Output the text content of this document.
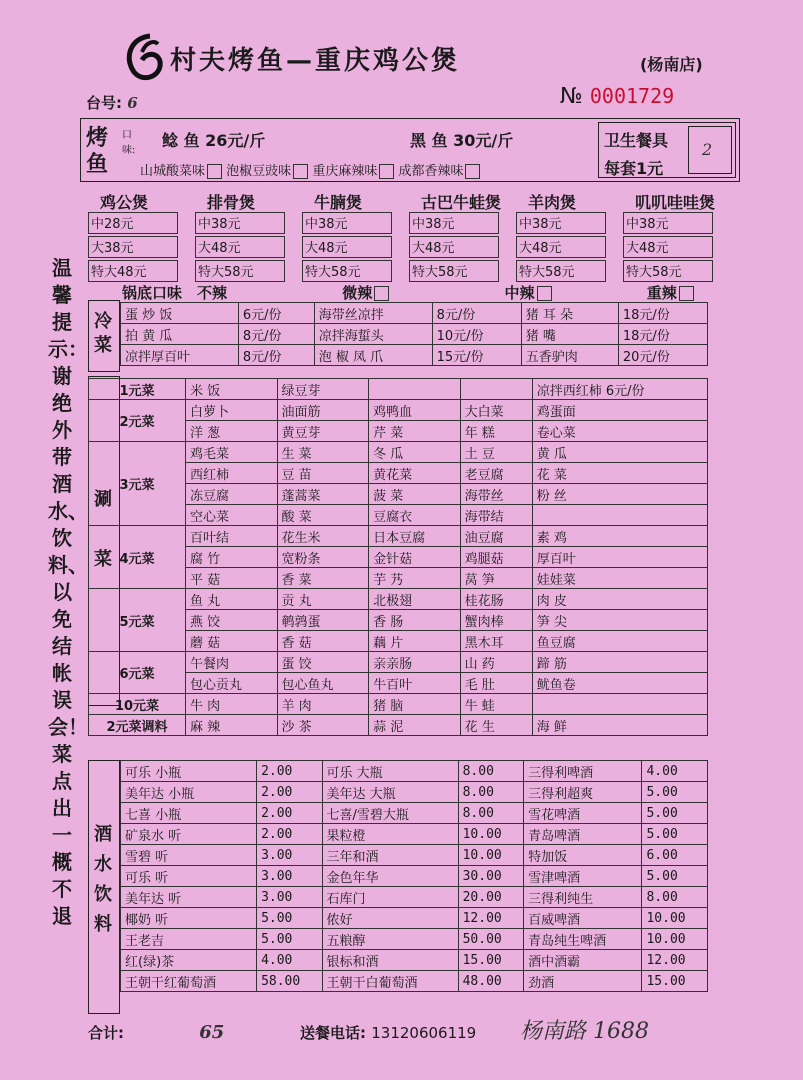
村夫烤鱼—重庆鸡公煲	(杨南店)
台号: 6	№ 0001729
烤鱼
口味:
鲶 鱼 26元/斤	黑 鱼 30元/斤
山城酸菜味 泡椒豆豉味 重庆麻辣味 成都香辣味
卫生餐具
每套1元
2
鸡公煲
中28元
大38元
特大48元
排骨煲
中38元
大48元
特大58元
牛腩煲
中38元
大48元
特大58元
古巴牛蛙煲
中38元
大48元
特大58元
羊肉煲
中38元
大48元
特大58元
叽叽哇哇煲
中38元
大48元
特大58元
锅底口味　 不辣	微辣	中辣	重辣
温馨提示：谢绝外带酒水、饮料、以免结帐误会！菜点出一概不退
冷菜
蛋 炒 饭	6元/份	海带丝凉拌	8元/份	猪 耳 朵	18元/份
拍 黄 瓜	8元/份	凉拌海蜇头	10元/份	猪 嘴	18元/份
凉拌厚百叶	8元/份	泡 椒 凤 爪	15元/份	五香驴肉	20元/份
涮菜
1元菜	米 饭	绿豆芽			凉拌西红柿 6元/份
2元菜	白萝卜	油面筋	鸡鸭血	大白菜	鸡蛋面
	洋 葱	黄豆芽	芹 菜	年 糕	卷心菜
3元菜	鸡毛菜	生 菜	冬 瓜	土 豆	黄 瓜
	西红柿	豆 苗	黄花菜	老豆腐	花 菜
	冻豆腐	蓬蒿菜	菠 菜	海带丝	粉 丝
	空心菜	酸 菜	豆腐衣	海带结	
4元菜	百叶结	花生米	日本豆腐	油豆腐	素 鸡
	腐 竹	宽粉条	金针菇	鸡腿菇	厚百叶
	平 菇	香 菜	芋 艿	莴 笋	娃娃菜
5元菜	鱼 丸	贡 丸	北极翅	桂花肠	肉 皮
	燕 饺	鹌鹑蛋	香 肠	蟹肉棒	笋 尖
	蘑 菇	香 菇	藕 片	黑木耳	鱼豆腐
6元菜	午餐肉	蛋 饺	亲亲肠	山 药	蹄 筋
	包心贡丸	包心鱼丸	牛百叶	毛 肚	鱿鱼卷
10元菜	牛 肉	羊 肉	猪 脑	牛 蛙	
2元菜调料	麻 辣	沙 茶	蒜 泥	花 生	海 鲜
酒水饮料
可乐 小瓶	2.00	可乐 大瓶	8.00	三得利啤酒	4.00
美年达 小瓶	2.00	美年达 大瓶	8.00	三得利超爽	5.00
七喜 小瓶	2.00	七喜/雪碧大瓶	8.00	雪花啤酒	5.00
矿泉水 听	2.00	果粒橙	10.00	青岛啤酒	5.00
雪碧 听	3.00	三年和酒	10.00	特加饭	6.00
可乐 听	3.00	金色年华	30.00	雪津啤酒	5.00
美年达 听	3.00	石库门	20.00	三得利纯生	8.00
椰奶 听	5.00	侬好	12.00	百威啤酒	10.00
王老吉	5.00	五粮醇	50.00	青岛纯生啤酒	10.00
红(绿)茶	4.00	银标和酒	15.00	酒中酒霸	12.00
王朝干红葡萄酒	58.00	王朝干白葡萄酒	48.00	劲酒	15.00
合计:	65	送餐电话: 13120606119 杨南路 1688
